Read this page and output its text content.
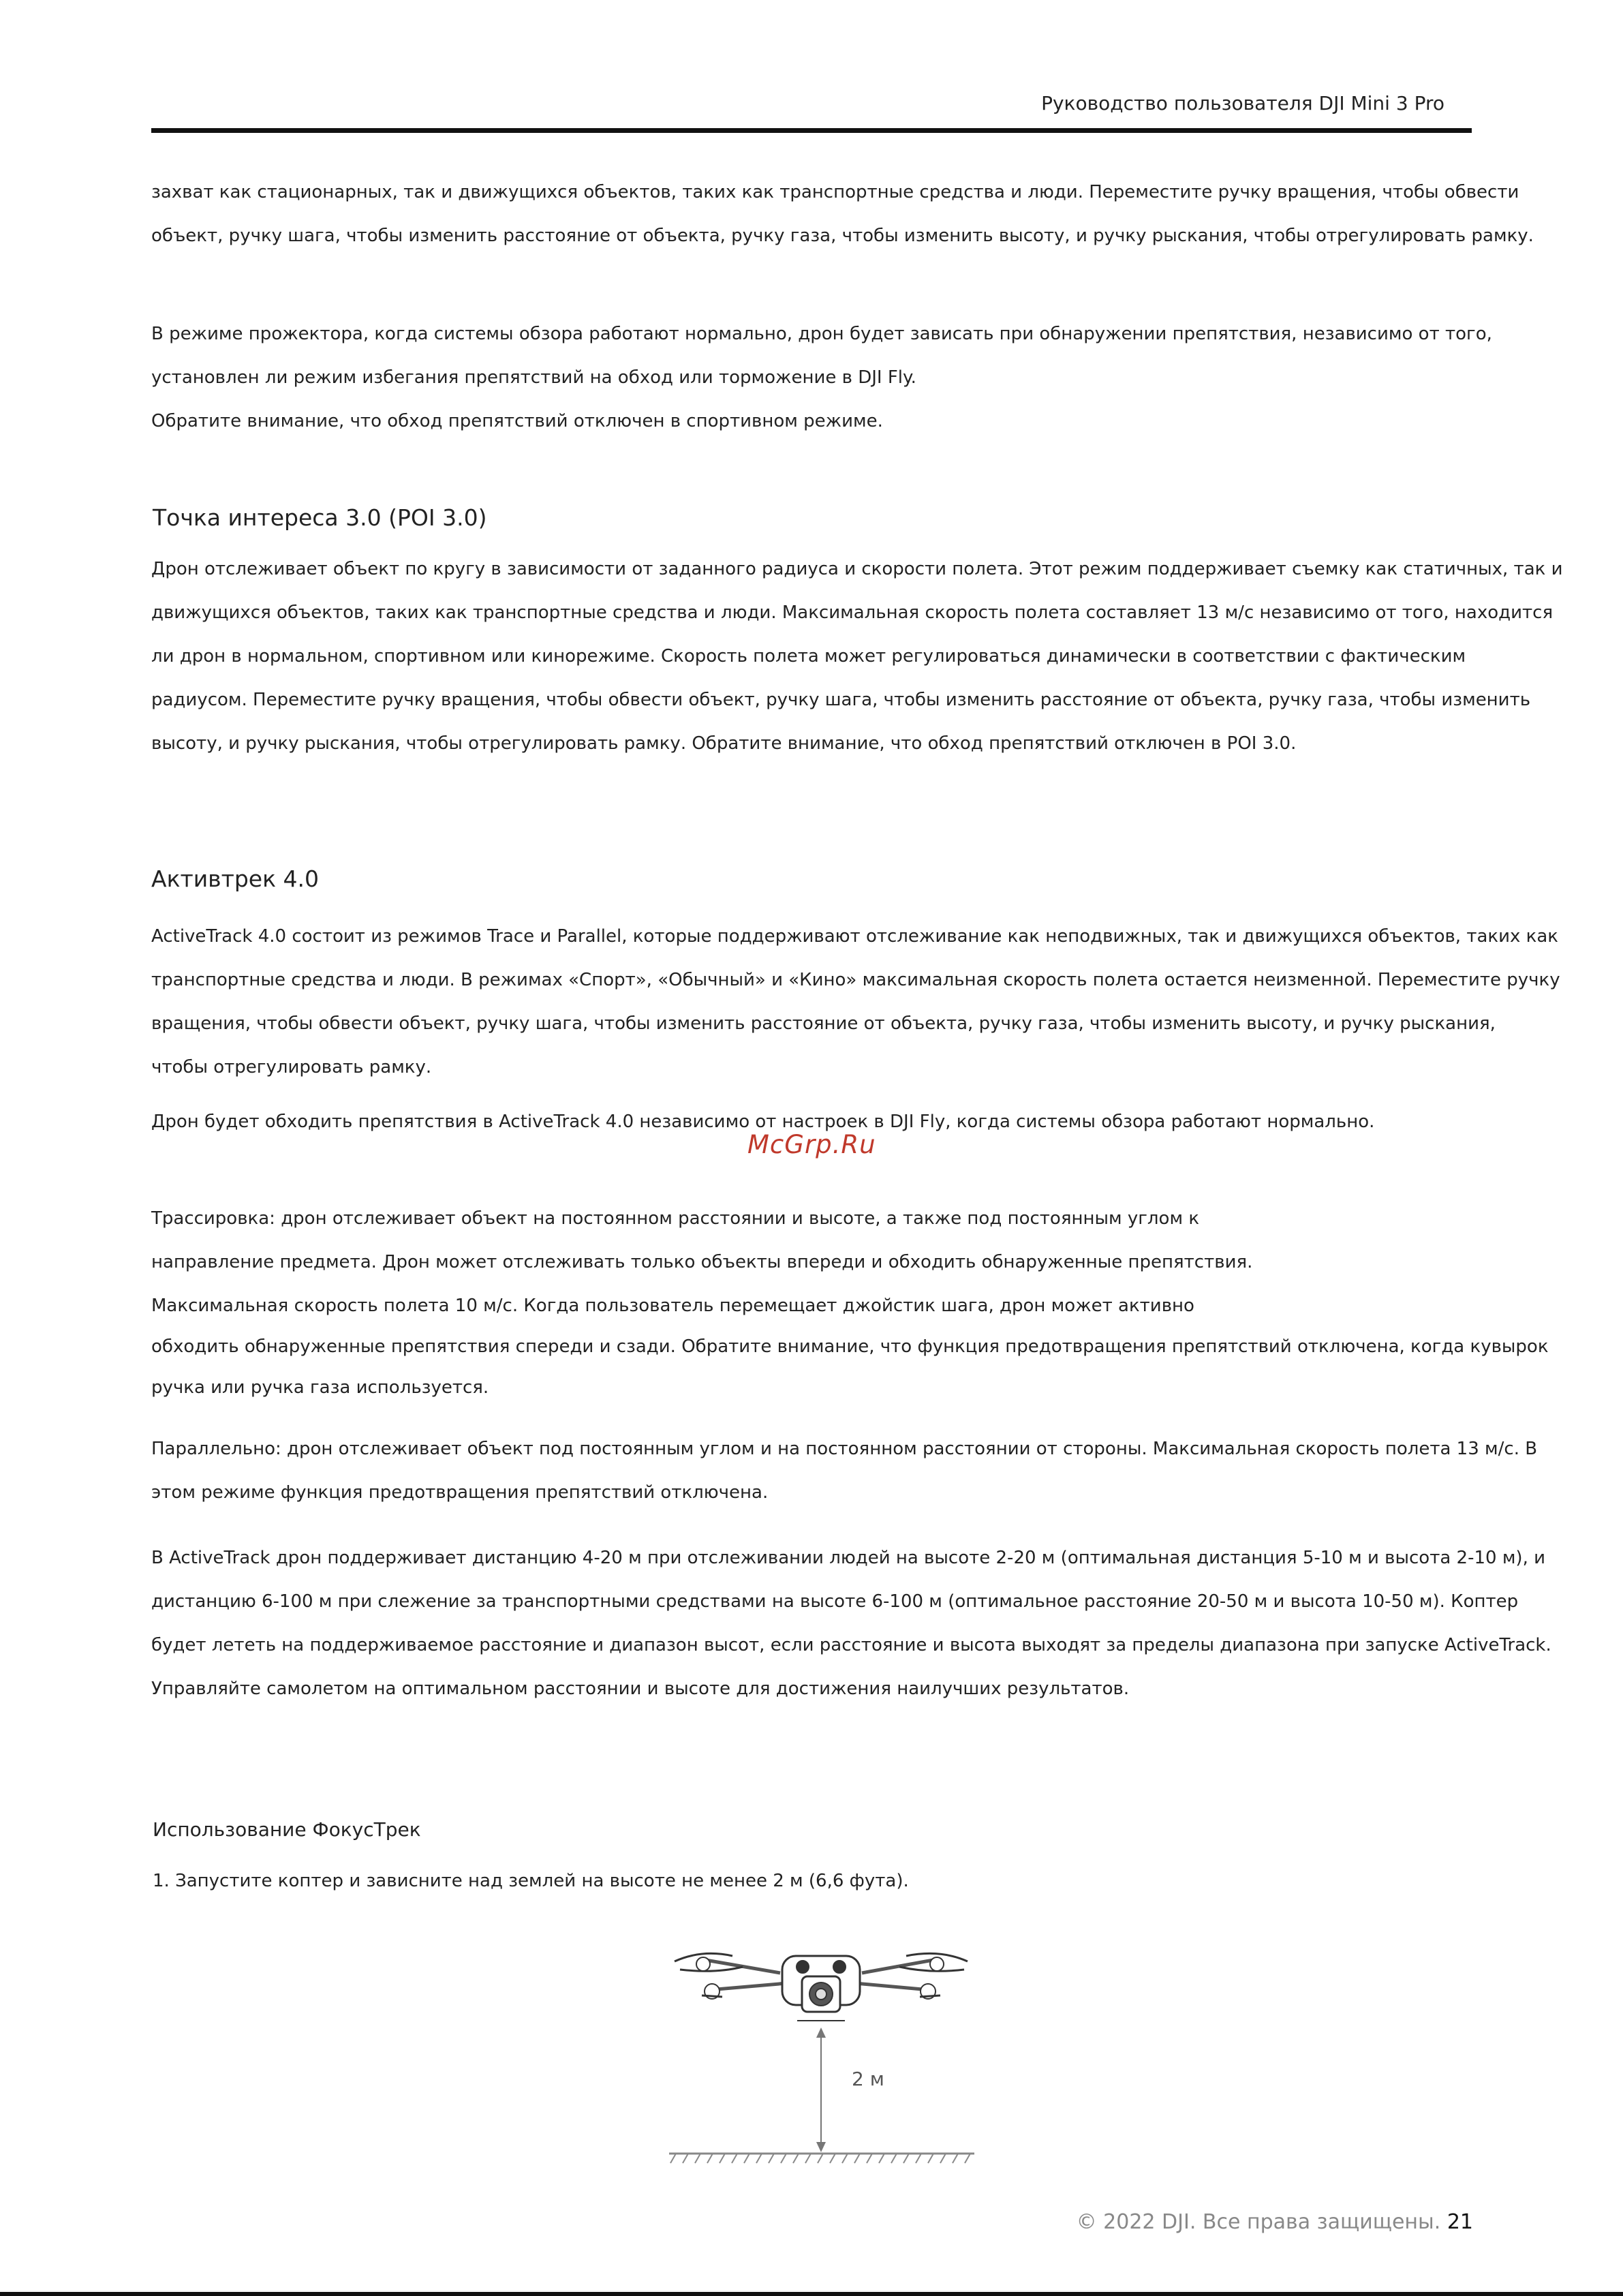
Руководство пользователя DJI Mini 3 Pro
захват как стационарных, так и движущихся объектов, таких как транспортные средства и люди. Переместите ручку вращения, чтобы обвести
объект, ручку шага, чтобы изменить расстояние от объекта, ручку газа, чтобы изменить высоту, и ручку рыскания, чтобы отрегулировать рамку.
В режиме прожектора, когда системы обзора работают нормально, дрон будет зависать при обнаружении препятствия, независимо от того,
установлен ли режим избегания препятствий на обход или торможение в DJI Fly.
Обратите внимание, что обход препятствий отключен в спортивном режиме.
Точка интереса 3.0 (POI 3.0)
Дрон отслеживает объект по кругу в зависимости от заданного радиуса и скорости полета. Этот режим поддерживает съемку как статичных, так и
движущихся объектов, таких как транспортные средства и люди. Максимальная скорость полета составляет 13 м/с независимо от того, находится
ли дрон в нормальном, спортивном или кинорежиме. Скорость полета может регулироваться динамически в соответствии с фактическим
радиусом. Переместите ручку вращения, чтобы обвести объект, ручку шага, чтобы изменить расстояние от объекта, ручку газа, чтобы изменить
высоту, и ручку рыскания, чтобы отрегулировать рамку. Обратите внимание, что обход препятствий отключен в POI 3.0.
Активтрек 4.0
ActiveTrack 4.0 состоит из режимов Trace и Parallel, которые поддерживают отслеживание как неподвижных, так и движущихся объектов, таких как
транспортные средства и люди. В режимах «Спорт», «Обычный» и «Кино» максимальная скорость полета остается неизменной. Переместите ручку
вращения, чтобы обвести объект, ручку шага, чтобы изменить расстояние от объекта, ручку газа, чтобы изменить высоту, и ручку рыскания,
чтобы отрегулировать рамку.
Дрон будет обходить препятствия в ActiveTrack 4.0 независимо от настроек в DJI Fly, когда системы обзора работают нормально.
McGrp.Ru
Трассировка: дрон отслеживает объект на постоянном расстоянии и высоте, а также под постоянным углом к
направление предмета. Дрон может отслеживать только объекты впереди и обходить обнаруженные препятствия.
Максимальная скорость полета 10 м/с. Когда пользователь перемещает джойстик шага, дрон может активно
обходить обнаруженные препятствия спереди и сзади. Обратите внимание, что функция предотвращения препятствий отключена, когда кувырок
ручка или ручка газа используется.
Параллельно: дрон отслеживает объект под постоянным углом и на постоянном расстоянии от стороны. Максимальная скорость полета 13 м/с. В
этом режиме функция предотвращения препятствий отключена.
В ActiveTrack дрон поддерживает дистанцию 4-20 м при отслеживании людей на высоте 2-20 м (оптимальная дистанция 5-10 м и высота 2-10 м), и
дистанцию 6-100 м при слежение за транспортными средствами на высоте 6-100 м (оптимальное расстояние 20-50 м и высота 10-50 м). Коптер
будет лететь на поддерживаемое расстояние и диапазон высот, если расстояние и высота выходят за пределы диапазона при запуске ActiveTrack.
Управляйте самолетом на оптимальном расстоянии и высоте для достижения наилучших результатов.
Использование ФокусТрек
1. Запустите коптер и зависните над землей на высоте не менее 2 м (6,6 фута).
2 м
© 2022 DJI. Все права защищены. 21
